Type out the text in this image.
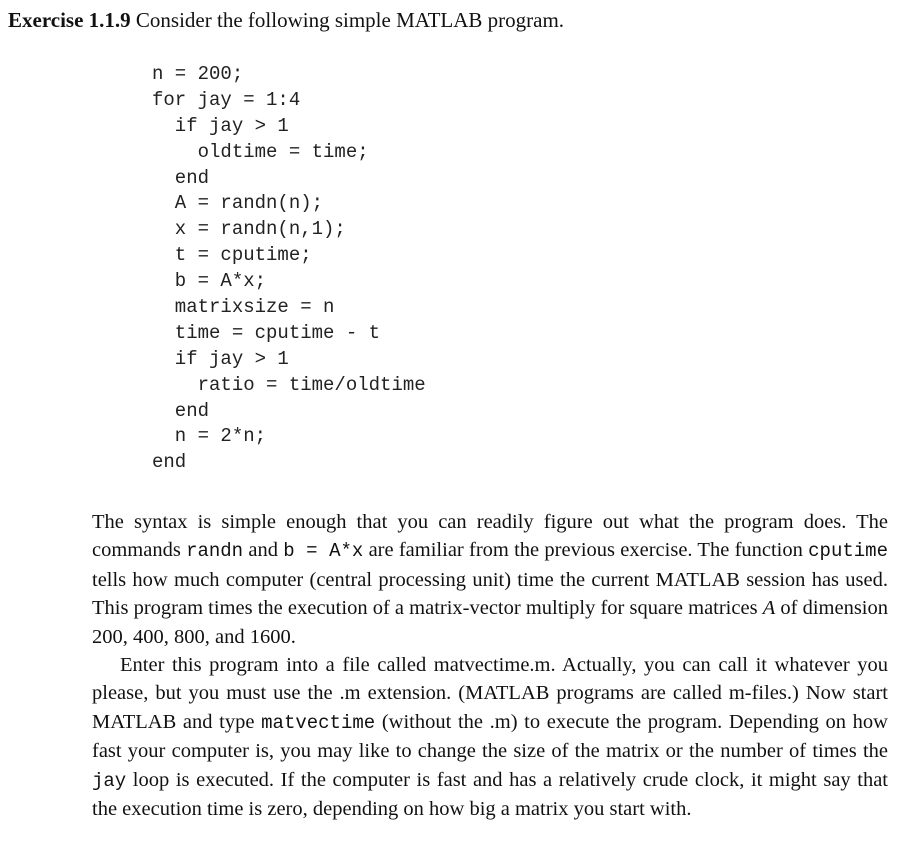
Exercise 1.1.9 Consider the following simple MATLAB program.
n = 200;
for jay = 1:4
if jay > 1
oldtime = time;
end
A = randn(n);
x = randn(n,1);
t = cputime;
b = A*x;
matrixsize = n
time = cputime - t
if jay > 1
ratio = time/oldtime
end
n = 2*n;
end

The syntax is simple enough that you can readily figure out what the program does. The commands randn and b = A*x are familiar from the previous exercise. The function cputime tells how much computer (central processing unit) time the current MATLAB session has used. This program times the execution of a matrix-vector multiply for square matrices A of dimension 200, 400, 800, and 1600.

Enter this program into a file called matvectime.m. Actually, you can call it whatever you please, but you must use the .m extension. (MATLAB programs are called m-files.) Now start MATLAB and type matvectime (without the .m) to execute the program. Depending on how fast your computer is, you may like to change the size of the matrix or the number of times the jay loop is executed. If the computer is fast and has a relatively crude clock, it might say that the execution time is zero, depending on how big a matrix you start with.
